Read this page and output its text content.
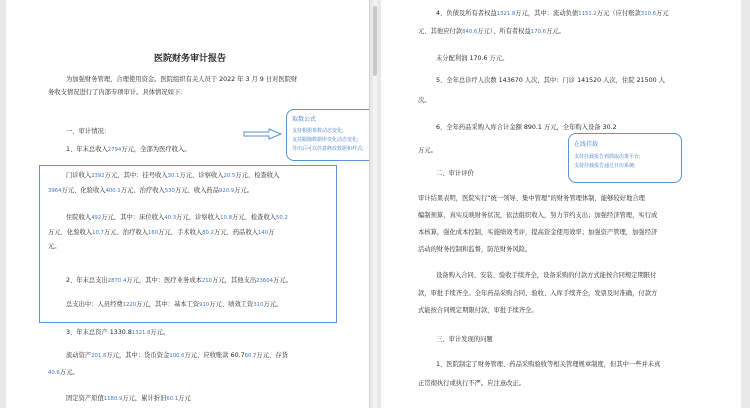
医院财务审计报告
为加强财务管理，合理使用资金。医院组织有关人员于 2022 年 3 月 9 日对医院财
务收支情况进行了内部专项审计。具体情况如下：
一、审计情况：
1、年末总收入2794万元，全部为医疗收入。
门诊收入2392万元，其中：挂号收入30.1万元、诊察收入20.5万元、检查收入
3964万元、化验收入400.1万元、治疗收入530万元、收入药品920.9万元。
住院收入492万元，其中：床位收入40.3万元、诊察收入10.8万元、检查收入50.2
万元、化验收入10.7万元、治疗收入160万元、手术收入80.2万元、药品收入140万
元。
2、年末总支出2870.4万元，其中：医疗业务成本210万元，其他支出23604万元。
总支出中：人员经费1220万元，其中：基本工资910万元、绩效工资310万元。
3、年末总资产 1330.81321.8万元。
流动资产201.8万元，其中：货币资金100.6万元、应收账款 60.760.7万元、存货
40.6万元。
固定资产原值1180.9万元，累计折旧60.1万元
取数公式
支持根据参数动态变化;
支持跟随数据库变化动态变化;
导出后可以任意修改数据和样式;
4、负债及所有者权益1321.8万元，其中：流动负债1151.2万元（应付账款310.6万元
元、其他应付款840.6万元）、所有者权益170.6万元。
未分配利润 170.6 万元。
5、全年总诊疗人次数 143670 人次，其中：门诊 141520 人次，住院 21500 人
次。
6、全年药品采购入库合计金额 890.1 万元，全年购入设备 30.2
万元。
二、审计评价
审计结果表明，医院实行“统一领导、集中管理”的财务管理体制，能够较好地合理
编制预算，真实反映财务状况，依法组织收入，努力节约支出；加强经济管理，实行成
本核算，强化成本控制，实施绩效考评，提高资金使用效率；加强资产管理，加强经济
活动的财务控制和监督，防范财务风险。
设备购入合同、安装、验收手续齐全，设备采购的付款方式能按合同规定期限付
款，审批手续齐全。全年药品采购合同、验收、入库手续齐全，发票及时准确，付款方
式能按合同规定期限付款，审批手续齐全。
三、审计发现的问题
1、医院制定了财务管理、药品采购验收等相关管理规章制度，但其中一些并未真
正贯彻执行或执行不严。应注意改正。
在线挂载
支持挂载报告到抓取决策平台;
支持挂载报告通过日历系统;
